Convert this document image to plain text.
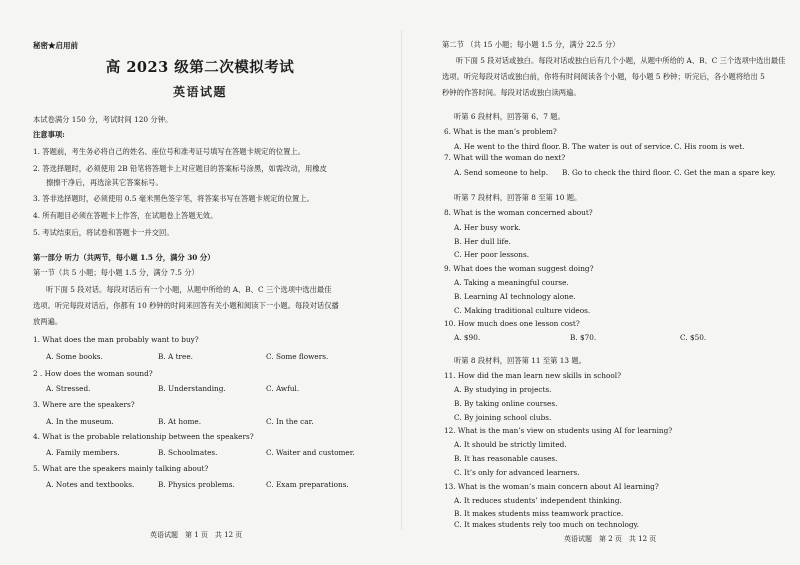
秘密★启用前
高 2023 级第二次模拟考试
英语试题
本试卷满分 150 分，考试时间 120 分钟。
注意事项:
1. 答题前，考生务必将自己的姓名、座位号和准考证号填写在答题卡规定的位置上。
2. 答选择题时，必须使用 2B 铅笔将答题卡上对应题目的答案标号涂黑，如需改动，用橡皮
擦擦干净后，再选涂其它答案标号。
3. 答非选择题时，必须使用 0.5 毫米黑色签字笔，将答案书写在答题卡规定的位置上。
4. 所有题目必须在答题卡上作答，在试题卷上答题无效。
5. 考试结束后，将试卷和答题卡一并交回。
第一部分 听力（共两节，每小题 1.5 分，满分 30 分）
第一节（共 5 小题；每小题 1.5 分，满分 7.5 分）
听下面 5 段对话。每段对话后有一个小题，从题中所给的 A、B、C 三个选项中选出最佳
选项。听完每段对话后，你都有 10 秒钟的时间来回答有关小题和阅读下一小题。每段对话仅播
放两遍。
1. What does the man probably want to buy?
A. Some books.	B. A tree.	C. Some flowers.
2 . How does the woman sound?
A. Stressed.	B. Understanding.	C. Awful.
3. Where are the speakers?
A. In the museum.	B. At home.	C. In the car.
4. What is the probable relationship between the speakers?
A. Family members.	B. Schoolmates.	C. Waiter and customer.
5. What are the speakers mainly talking about?
A. Notes and textbooks.	B. Physics problems.	C. Exam preparations.
英语试题　第 1 页　共 12 页
第二节 （共 15 小题；每小题 1.5 分，满分 22.5 分）
听下面 5 段对话或独白。每段对话或独白后有几个小题，从题中所给的 A、B、C 三个选项中选出最佳
选项。听完每段对话或独白前，你将有时间阅读各个小题，每小题 5 秒钟；听完后，各小题将给出 5
秒钟的作答时间。每段对话或独白读两遍。
听第 6 段材料，回答第 6、7 题。
6. What is the man’s problem?
A. He went to the third floor. B. The water is out of service. C. His room is wet.
7. What will the woman do next?
A. Send someone to help. B. Go to check the third floor. C. Get the man a spare key.
听第 7 段材料，回答第 8 至第 10 题。
8. What is the woman concerned about?
A. Her busy work.
B. Her dull life.
C. Her poor lessons.
9. What does the woman suggest doing?
A. Taking a meaningful course.
B. Learning AI technology alone.
C. Making traditional culture videos.
10. How much does one lesson cost?
A. $90.	B. $70.	C. $50.
听第 8 段材料，回答第 11 至第 13 题。
11. How did the man learn new skills in school?
A. By studying in projects.
B. By taking online courses.
C. By joining school clubs.
12. What is the man’s view on students using AI for learning?
A. It should be strictly limited.
B. It has reasonable causes.
C. It’s only for advanced learners.
13. What is the woman’s main concern about AI learning?
A. It reduces students’ independent thinking.
B. It makes students miss teamwork practice.
C. It makes students rely too much on technology.
英语试题　第 2 页　共 12 页
